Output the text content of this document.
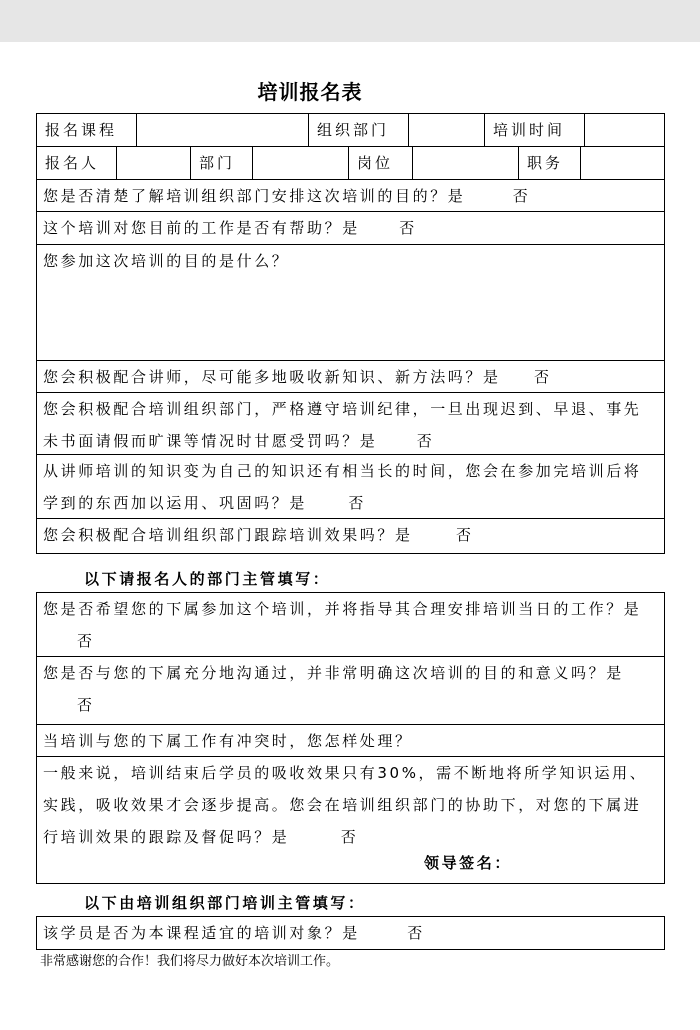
培训报名表
报名课程	组织部门	培训时间
报名人	部门	岗位	职务
您是否清楚了解培训组织部门安排这次培训的目的？是	否
这个培训对您目前的工作是否有帮助？是	否
您参加这次培训的目的是什么？
您会积极配合讲师，尽可能多地吸收新知识、新方法吗？是 否
您会积极配合培训组织部门，严格遵守培训纪律，一旦出现迟到、早退、事先未书面请假而旷课等情况时甘愿受罚吗？是	否
从讲师培训的知识变为自己的知识还有相当长的时间，您会在参加完培训后将学到的东西加以运用、巩固吗？是	否
您会积极配合培训组织部门跟踪培训效果吗？是	否
以下请报名人的部门主管填写：
您是否希望您的下属参加这个培训，并将指导其合理安排培训当日的工作？是 否
您是否与您的下属充分地沟通过，并非常明确这次培训的目的和意义吗？是 否
当培训与您的下属工作有冲突时，您怎样处理？
一般来说，培训结束后学员的吸收效果只有30%，需不断地将所学知识运用、实践，吸收效果才会逐步提高。您会在培训组织部门的协助下，对您的下属进行培训效果的跟踪及督促吗？是	否
领导签名：
以下由培训组织部门培训主管填写：
该学员是否为本课程适宜的培训对象？是	否
非常感谢您的合作！我们将尽力做好本次培训工作。
